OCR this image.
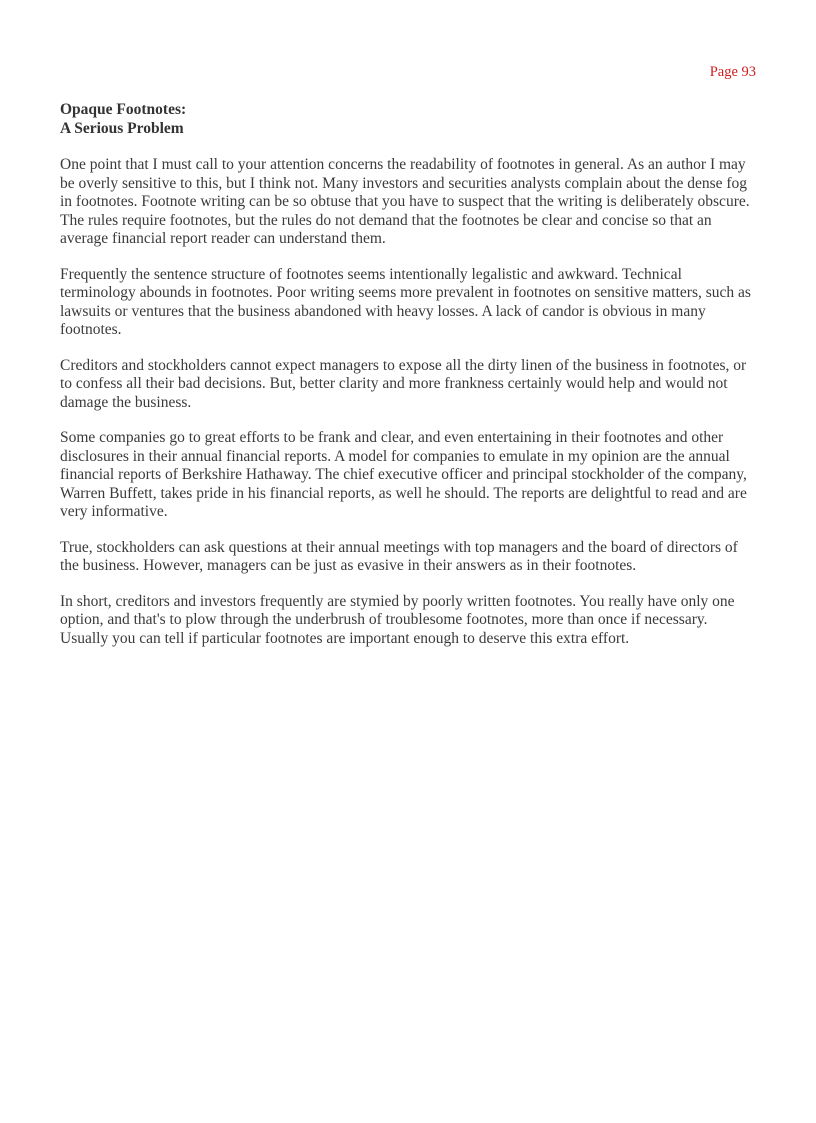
Page 93
Opaque Footnotes:
A Serious Problem

One point that I must call to your attention concerns the readability of footnotes in general. As an author I may be overly sensitive to this, but I think not. Many investors and securities analysts complain about the dense fog in footnotes. Footnote writing can be so obtuse that you have to suspect that the writing is deliberately obscure. The rules require footnotes, but the rules do not demand that the footnotes be clear and concise so that an average financial report reader can understand them.

Frequently the sentence structure of footnotes seems intentionally legalistic and awkward. Technical terminology abounds in footnotes. Poor writing seems more prevalent in footnotes on sensitive matters, such as lawsuits or ventures that the business abandoned with heavy losses. A lack of candor is obvious in many footnotes.

Creditors and stockholders cannot expect managers to expose all the dirty linen of the business in footnotes, or to confess all their bad decisions. But, better clarity and more frankness certainly would help and would not damage the business.

Some companies go to great efforts to be frank and clear, and even entertaining in their footnotes and other disclosures in their annual financial reports. A model for companies to emulate in my opinion are the annual financial reports of Berkshire Hathaway. The chief executive officer and principal stockholder of the company, Warren Buffett, takes pride in his financial reports, as well he should. The reports are delightful to read and are very informative.

True, stockholders can ask questions at their annual meetings with top managers and the board of directors of the business. However, managers can be just as evasive in their answers as in their footnotes.

In short, creditors and investors frequently are stymied by poorly written footnotes. You really have only one option, and that's to plow through the underbrush of troublesome footnotes, more than once if necessary. Usually you can tell if particular footnotes are important enough to deserve this extra effort.
